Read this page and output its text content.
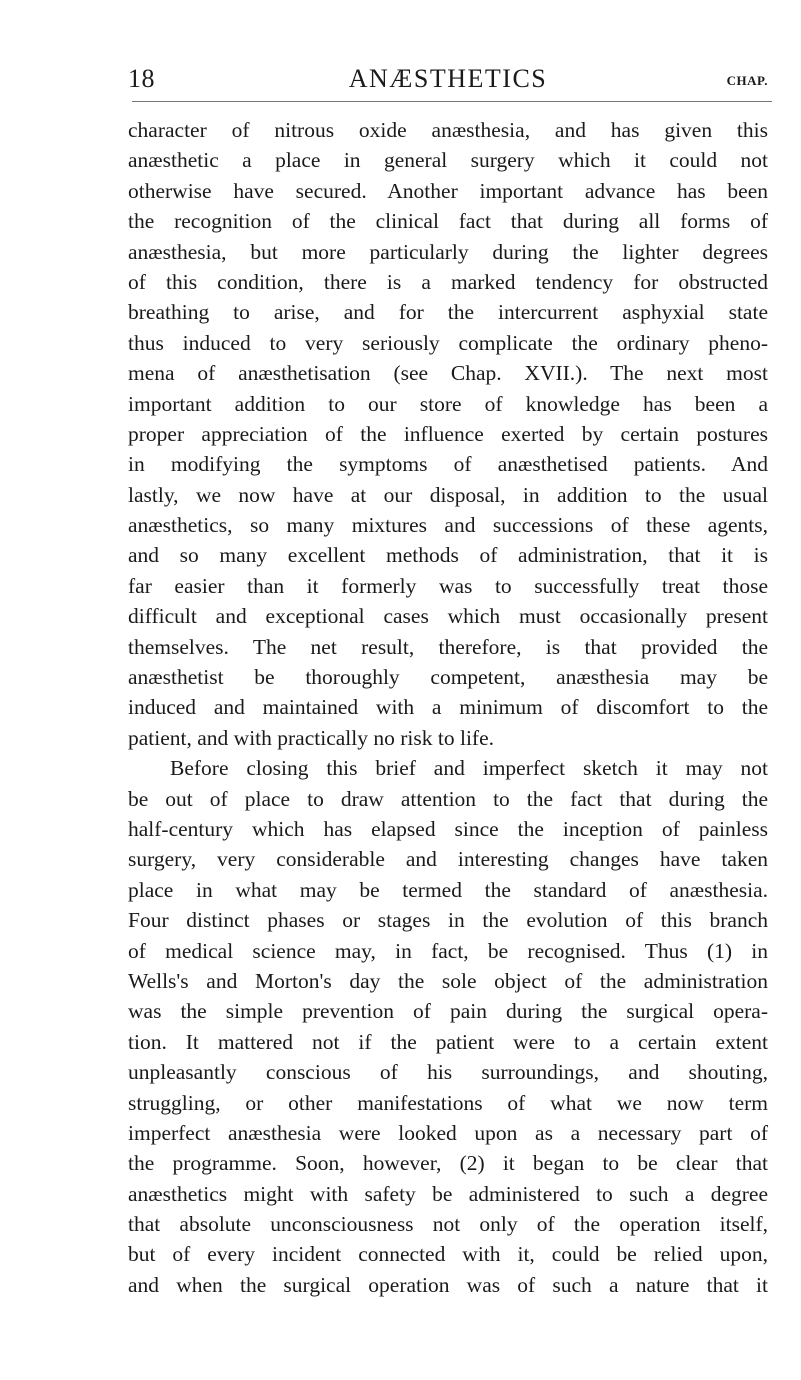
18	ANÆSTHETICS	CHAP.
character of nitrous oxide anæsthesia, and has given this
anæsthetic a place in general surgery which it could not
otherwise have secured. Another important advance has been
the recognition of the clinical fact that during all forms of
anæsthesia, but more particularly during the lighter degrees
of this condition, there is a marked tendency for obstructed
breathing to arise, and for the intercurrent asphyxial state
thus induced to very seriously complicate the ordinary pheno-
mena of anæsthetisation (see Chap. XVII.). The next most
important addition to our store of knowledge has been a
proper appreciation of the influence exerted by certain postures
in modifying the symptoms of anæsthetised patients. And
lastly, we now have at our disposal, in addition to the usual
anæsthetics, so many mixtures and successions of these agents,
and so many excellent methods of administration, that it is
far easier than it formerly was to successfully treat those
difficult and exceptional cases which must occasionally present
themselves. The net result, therefore, is that provided the
anæsthetist be thoroughly competent, anæsthesia may be
induced and maintained with a minimum of discomfort to the
patient, and with practically no risk to life.
Before closing this brief and imperfect sketch it may not
be out of place to draw attention to the fact that during the
half-century which has elapsed since the inception of painless
surgery, very considerable and interesting changes have taken
place in what may be termed the standard of anæsthesia.
Four distinct phases or stages in the evolution of this branch
of medical science may, in fact, be recognised. Thus (1) in
Wells's and Morton's day the sole object of the administration
was the simple prevention of pain during the surgical opera-
tion. It mattered not if the patient were to a certain extent
unpleasantly conscious of his surroundings, and shouting,
struggling, or other manifestations of what we now term
imperfect anæsthesia were looked upon as a necessary part of
the programme. Soon, however, (2) it began to be clear that
anæsthetics might with safety be administered to such a degree
that absolute unconsciousness not only of the operation itself,
but of every incident connected with it, could be relied upon,
and when the surgical operation was of such a nature that it
